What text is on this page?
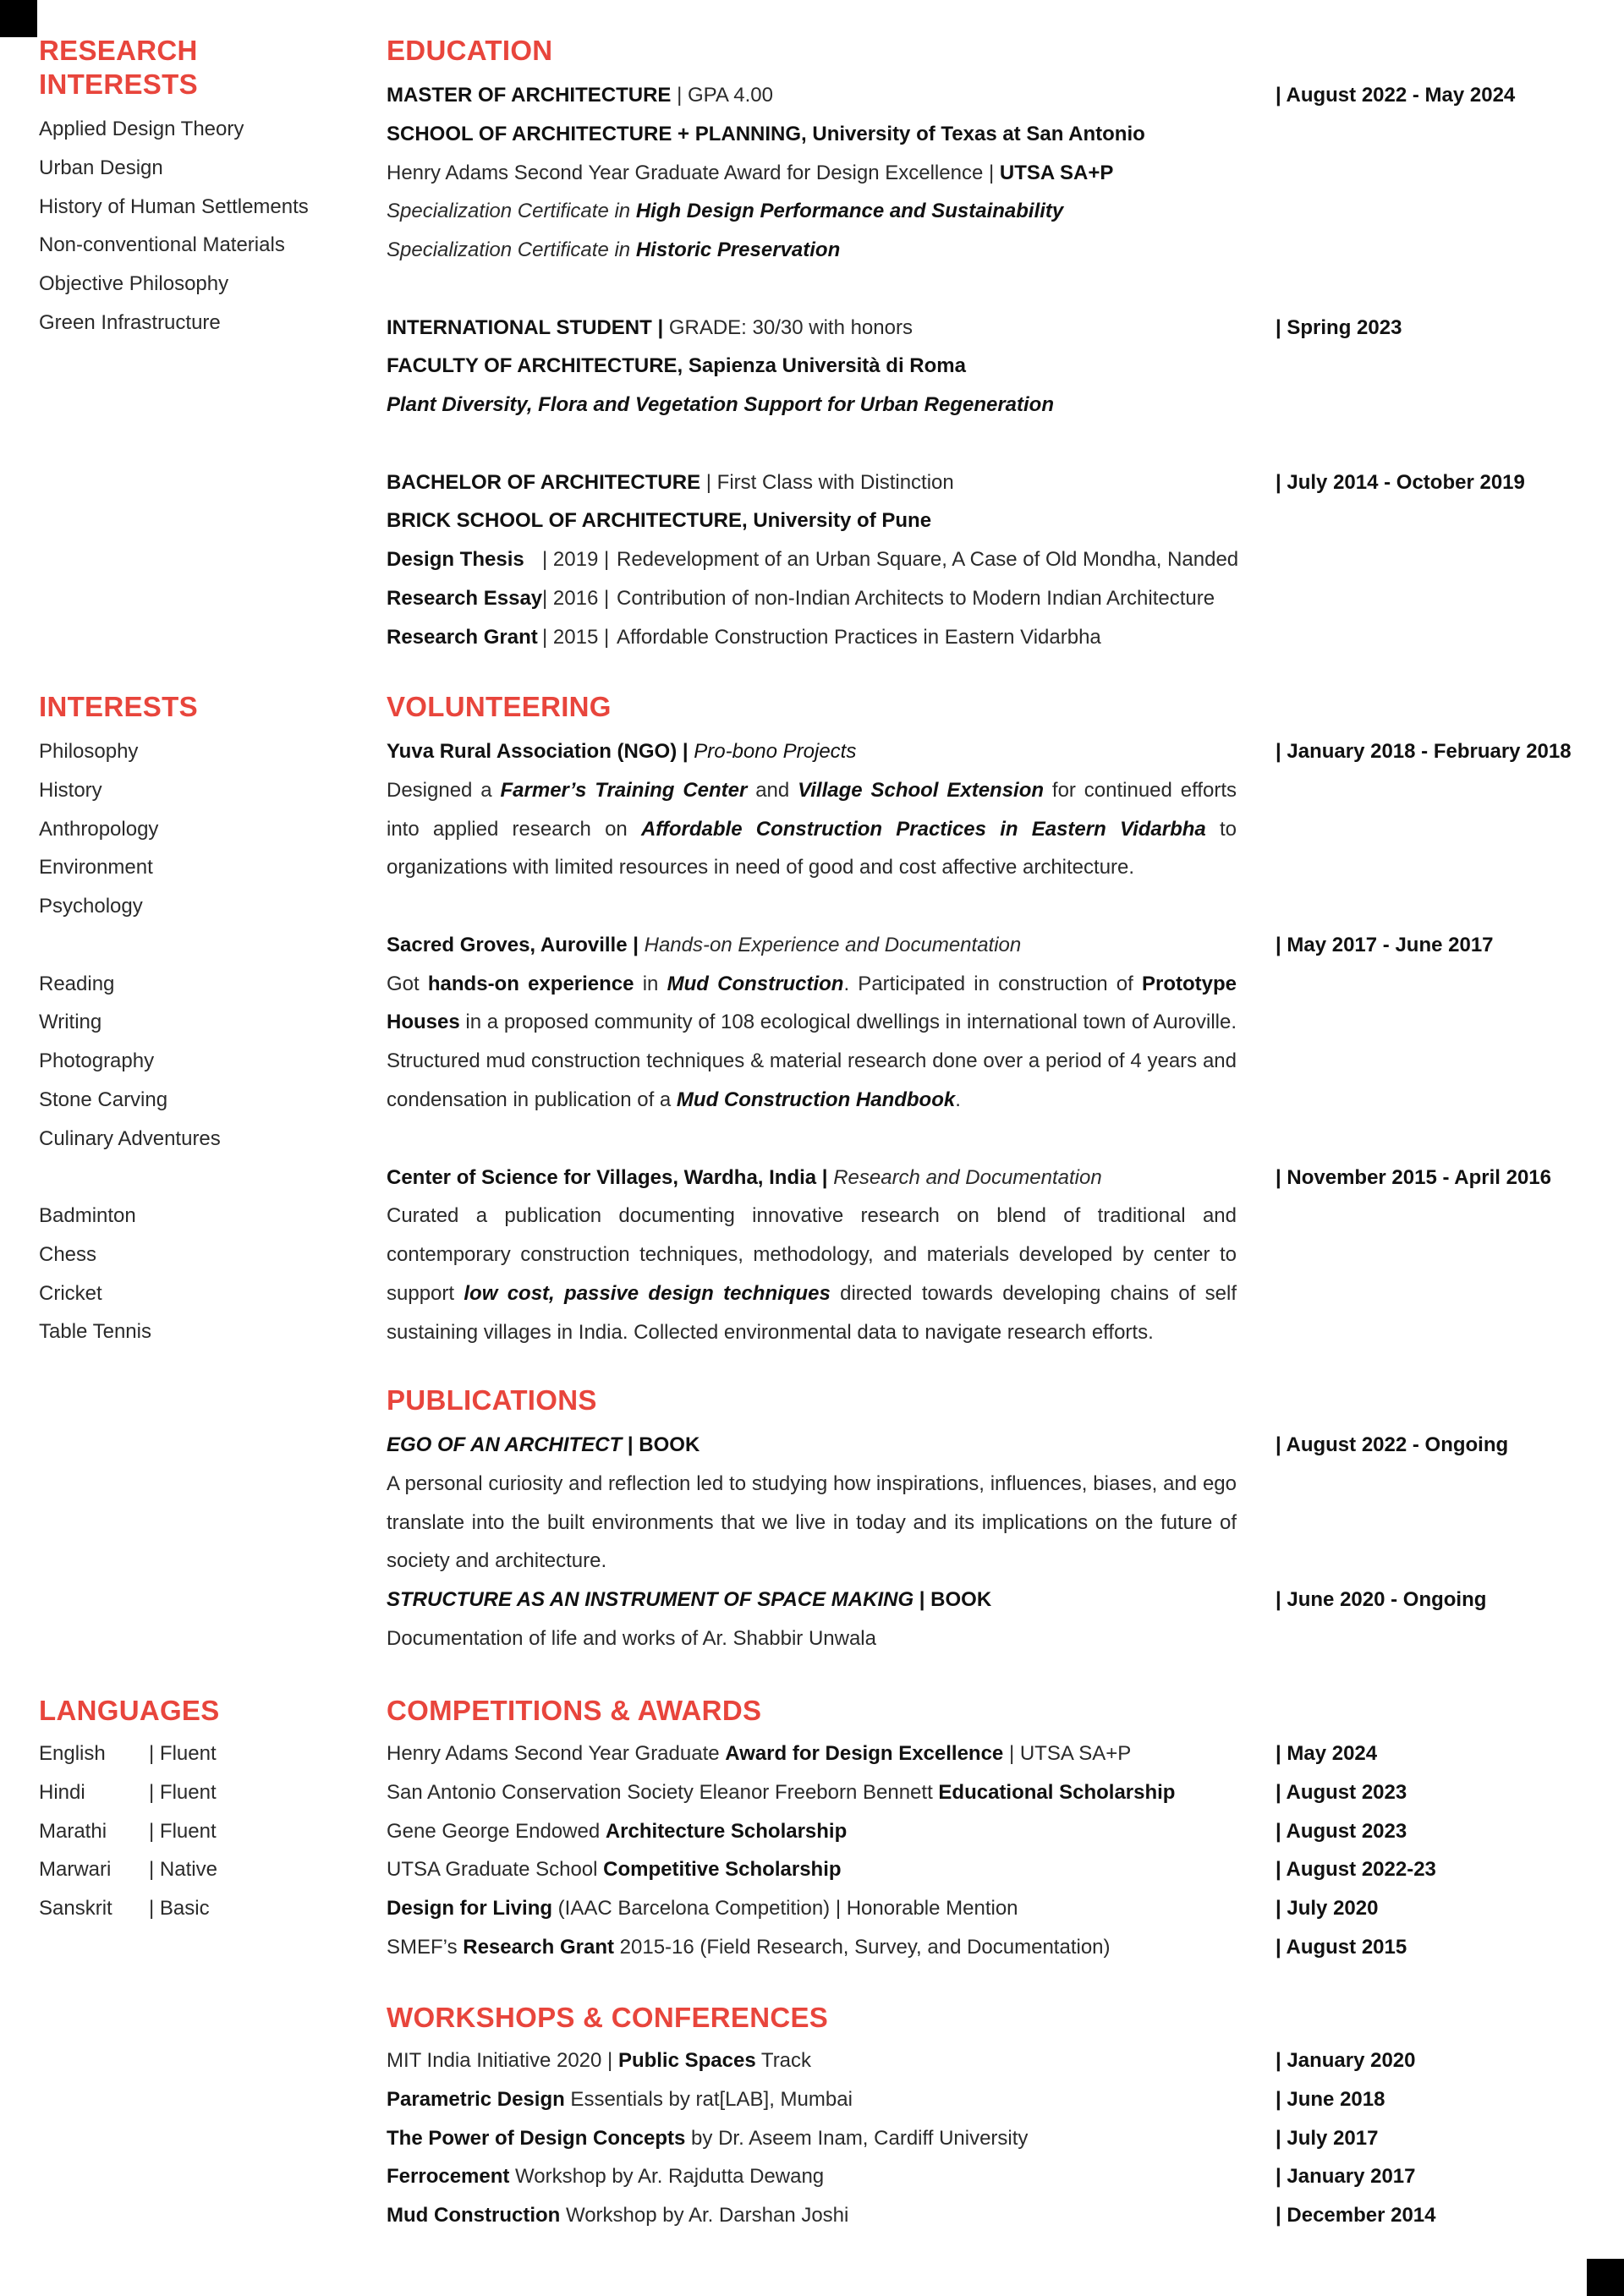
RESEARCH INTERESTS
Applied Design Theory
Urban Design
History of Human Settlements
Non-conventional Materials
Objective Philosophy
Green Infrastructure
INTERESTS
Philosophy
History
Anthropology
Environment
Psychology
Reading
Writing
Photography
Stone Carving
Culinary Adventures
Badminton
Chess
Cricket
Table Tennis
LANGUAGES
English | Fluent
Hindi	| Fluent
Marathi | Fluent
Marwari | Native
Sanskrit | Basic
EDUCATION
MASTER OF ARCHITECTURE | GPA 4.00	| August 2022 - May 2024
SCHOOL OF ARCHITECTURE + PLANNING, University of Texas at San Antonio
Henry Adams Second Year Graduate Award for Design Excellence | UTSA SA+P
Specialization Certificate in High Design Performance and Sustainability
Specialization Certificate in Historic Preservation
INTERNATIONAL STUDENT | GRADE: 30/30 with honors	| Spring 2023
FACULTY OF ARCHITECTURE, Sapienza Università di Roma
Plant Diversity, Flora and Vegetation Support for Urban Regeneration
BACHELOR OF ARCHITECTURE | First Class with Distinction	| July 2014 - October 2019
BRICK SCHOOL OF ARCHITECTURE, University of Pune
Design Thesis | 2019 | Redevelopment of an Urban Square, A Case of Old Mondha, Nanded
Research Essay| 2016 | Contribution of non-Indian Architects to Modern Indian Architecture
Research Grant | 2015 | Affordable Construction Practices in Eastern Vidarbha
VOLUNTEERING
Yuva Rural Association (NGO) | Pro-bono Projects	| January 2018 - February 2018

Designed a Farmer’s Training Center and Village School Extension for continued efforts into applied research on Affordable Construction Practices in Eastern Vidarbha to organizations with limited resources in need of good and cost affective architecture.

Sacred Groves, Auroville | Hands-on Experience and Documentation	| May 2017 - June 2017

Got hands-on experience in Mud Construction. Participated in construction of Prototype Houses in a proposed community of 108 ecological dwellings in international town of Auroville. Structured mud construction techniques & material research done over a period of 4 years and condensation in publication of a Mud Construction Handbook.

Center of Science for Villages, Wardha, India | Research and Documentation	| November 2015 - April 2016

Curated a publication documenting innovative research on blend of traditional and contemporary construction techniques, methodology, and materials developed by center to support low cost, passive design techniques directed towards developing chains of self sustaining villages in India. Collected environmental data to navigate research efforts.

PUBLICATIONS
EGO OF AN ARCHITECT | BOOK	| August 2022 - Ongoing

A personal curiosity and reflection led to studying how inspirations, influences, biases, and ego translate into the built environments that we live in today and its implications on the future of society and architecture.

STRUCTURE AS AN INSTRUMENT OF SPACE MAKING | BOOK	| June 2020 - Ongoing
Documentation of life and works of Ar. Shabbir Unwala
COMPETITIONS & AWARDS
Henry Adams Second Year Graduate Award for Design Excellence | UTSA SA+P	| May 2024
San Antonio Conservation Society Eleanor Freeborn Bennett Educational Scholarship	| August 2023
Gene George Endowed Architecture Scholarship	| August 2023
UTSA Graduate School Competitive Scholarship	| August 2022-23
Design for Living (IAAC Barcelona Competition) | Honorable Mention	| July 2020
SMEF’s Research Grant 2015-16 (Field Research, Survey, and Documentation)	| August 2015
WORKSHOPS & CONFERENCES
MIT India Initiative 2020 | Public Spaces Track	| January 2020
Parametric Design Essentials by rat[LAB], Mumbai	| June 2018
The Power of Design Concepts by Dr. Aseem Inam, Cardiff University	| July 2017
Ferrocement Workshop by Ar. Rajdutta Dewang	| January 2017
Mud Construction Workshop by Ar. Darshan Joshi	| December 2014
